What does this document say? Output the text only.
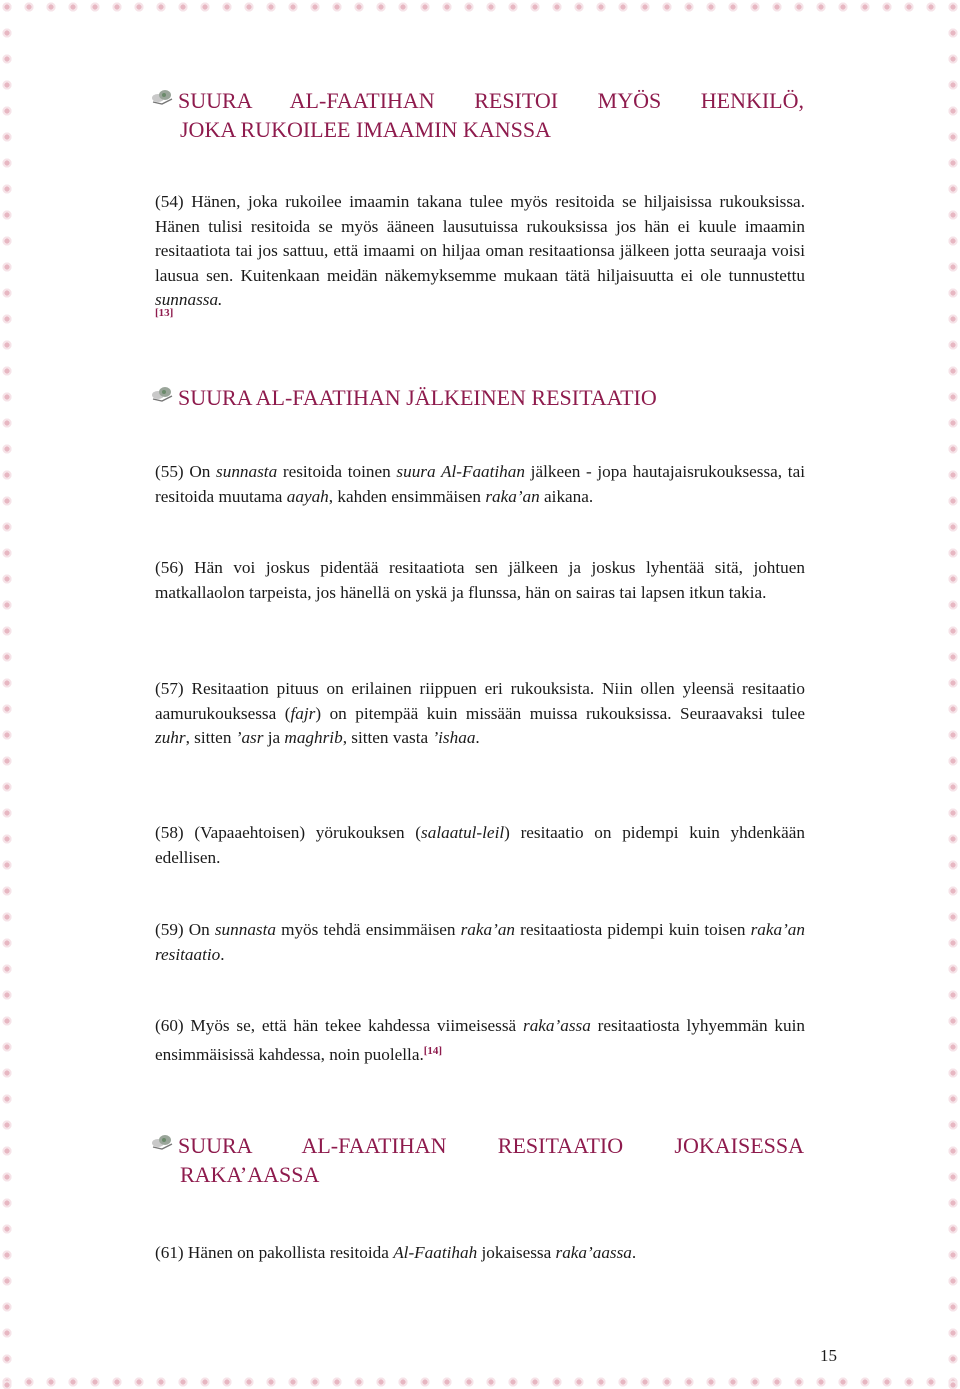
SUURA AL-FAATIHAN RESITOI MYÖS HENKILÖ,
JOKA RUKOILEE IMAAMIN KANSSA

(54) Hänen, joka rukoilee imaamin takana tulee myös resitoida se hiljaisissa rukouksissa. Hänen tulisi resitoida se myös ääneen lausutuissa rukouksissa jos hän ei kuule imaamin resitaatiota tai jos sattuu, että imaami on hiljaa oman resitaationsa jälkeen jotta seuraaja voisi lausua sen. Kuitenkaan meidän näkemyksemme mukaan tätä hiljaisuutta ei ole tunnustettu sunnassa.

[13]
SUURA AL-FAATIHAN JÄLKEINEN RESITAATIO

(55) On sunnasta resitoida toinen suura Al-Faatihan jälkeen - jopa hautajaisrukouksessa, tai resitoida muutama aayah, kahden ensimmäisen raka’an aikana.

(56) Hän voi joskus pidentää resitaatiota sen jälkeen ja joskus lyhentää sitä, johtuen matkallaolon tarpeista, jos hänellä on yskä ja flunssa, hän on sairas tai lapsen itkun takia.

(57) Resitaation pituus on erilainen riippuen eri rukouksista. Niin ollen yleensä resitaatio aamurukouksessa (fajr) on pitempää kuin missään muissa rukouksissa. Seuraavaksi tulee zuhr, sitten ’asr ja maghrib, sitten vasta ’ishaa.

(58) (Vapaaehtoisen) yörukouksen (salaatul-leil) resitaatio on pidempi kuin yhdenkään edellisen.

(59) On sunnasta myös tehdä ensimmäisen raka’an resitaatiosta pidempi kuin toisen raka’an resitaatio.

(60) Myös se, että hän tekee kahdessa viimeisessä raka’assa resitaatiosta lyhyemmän kuin ensimmäisissä kahdessa, noin puolella.[14]

SUURA AL-FAATIHAN RESITAATIO JOKAISESSA
RAKA’AASSA

(61) Hänen on pakollista resitoida Al-Faatihah jokaisessa raka’aassa.

15
